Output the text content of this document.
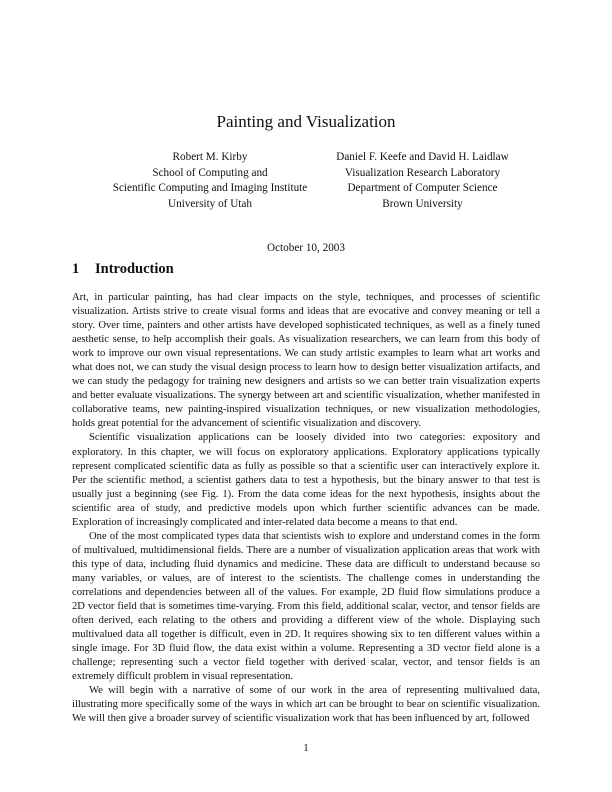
Painting and Visualization
Robert M. Kirby
School of Computing and
Scientific Computing and Imaging Institute
University of Utah
Daniel F. Keefe and David H. Laidlaw
Visualization Research Laboratory
Department of Computer Science
Brown University
October 10, 2003
1 Introduction

Art, in particular painting, has had clear impacts on the style, techniques, and processes of scientific visualization. Artists strive to create visual forms and ideas that are evocative and convey meaning or tell a story. Over time, painters and other artists have developed sophisticated techniques, as well as a finely tuned aesthetic sense, to help accomplish their goals. As visualization researchers, we can learn from this body of work to improve our own visual representations. We can study artistic examples to learn what art works and what does not, we can study the visual design process to learn how to design better visualization artifacts, and we can study the pedagogy for training new designers and artists so we can better train visualization experts and better evaluate visualizations. The synergy between art and scientific visualization, whether manifested in collaborative teams, new painting-inspired visualization techniques, or new visualization methodologies, holds great potential for the advancement of scientific visualization and discovery.

Scientific visualization applications can be loosely divided into two categories: expository and exploratory. In this chapter, we will focus on exploratory applications. Exploratory applications typically represent complicated scientific data as fully as possible so that a scientific user can interactively explore it. Per the scientific method, a scientist gathers data to test a hypothesis, but the binary answer to that test is usually just a beginning (see Fig. 1). From the data come ideas for the next hypothesis, insights about the scientific area of study, and predictive models upon which further scientific advances can be made. Exploration of increasingly complicated and inter-related data become a means to that end.

One of the most complicated types data that scientists wish to explore and understand comes in the form of multivalued, multidimensional fields. There are a number of visualization application areas that work with this type of data, including fluid dynamics and medicine. These data are difficult to understand because so many variables, or values, are of interest to the scientists. The challenge comes in understanding the correlations and dependencies between all of the values. For example, 2D fluid flow simulations produce a 2D vector field that is sometimes time-varying. From this field, additional scalar, vector, and tensor fields are often derived, each relating to the others and providing a different view of the whole. Displaying such multivalued data all together is difficult, even in 2D. It requires showing six to ten different values within a single image. For 3D fluid flow, the data exist within a volume. Representing a 3D vector field alone is a challenge; representing such a vector field together with derived scalar, vector, and tensor fields is an extremely difficult problem in visual representation.

We will begin with a narrative of some of our work in the area of representing multivalued data, illustrating more specifically some of the ways in which art can be brought to bear on scientific visualization. We will then give a broader survey of scientific visualization work that has been influenced by art, followed

1
